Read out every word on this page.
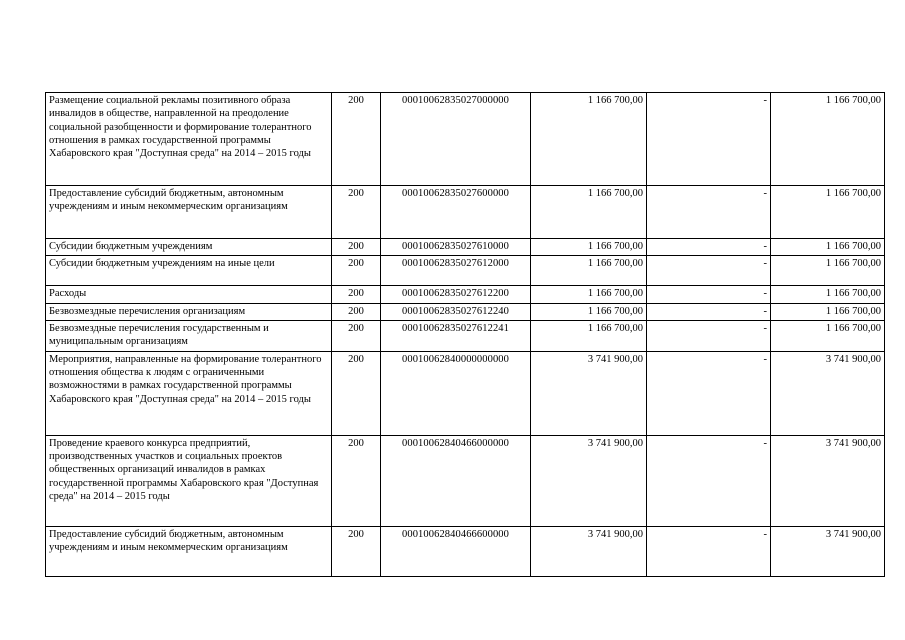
Размещение социальной рекламы позитивного образа инвалидов в обществе, направленной на преодоление социальной разобщенности и формирование толерантного отношения в рамках государственной программы Хабаровского края "Доступная среда" на 2014 – 2015 годы	200	00010062835027000000	1 166 700,00	-	1 166 700,00
Предоставление субсидий бюджетным, автономным учреждениям и иным некоммерческим организациям	200	00010062835027600000	1 166 700,00	-	1 166 700,00
Субсидии бюджетным учреждениям	200	00010062835027610000	1 166 700,00	-	1 166 700,00
Субсидии бюджетным учреждениям на иные цели	200	00010062835027612000	1 166 700,00	-	1 166 700,00
Расходы	200	00010062835027612200	1 166 700,00	-	1 166 700,00
Безвозмездные перечисления организациям	200	00010062835027612240	1 166 700,00	-	1 166 700,00
Безвозмездные перечисления государственным и муниципальным организациям	200	00010062835027612241	1 166 700,00	-	1 166 700,00
Мероприятия, направленные на формирование толерантного отношения общества к людям с ограниченными возможностями в рамках государственной программы Хабаровского края "Доступная среда" на 2014 – 2015 годы	200	00010062840000000000	3 741 900,00	-	3 741 900,00
Проведение краевого конкурса предприятий, производственных участков и социальных проектов общественных организаций инвалидов в рамках государственной программы Хабаровского края "Доступная среда" на 2014 – 2015 годы	200	00010062840466000000	3 741 900,00	-	3 741 900,00
Предоставление субсидий бюджетным, автономным учреждениям и иным некоммерческим организациям	200	00010062840466600000	3 741 900,00	-	3 741 900,00
